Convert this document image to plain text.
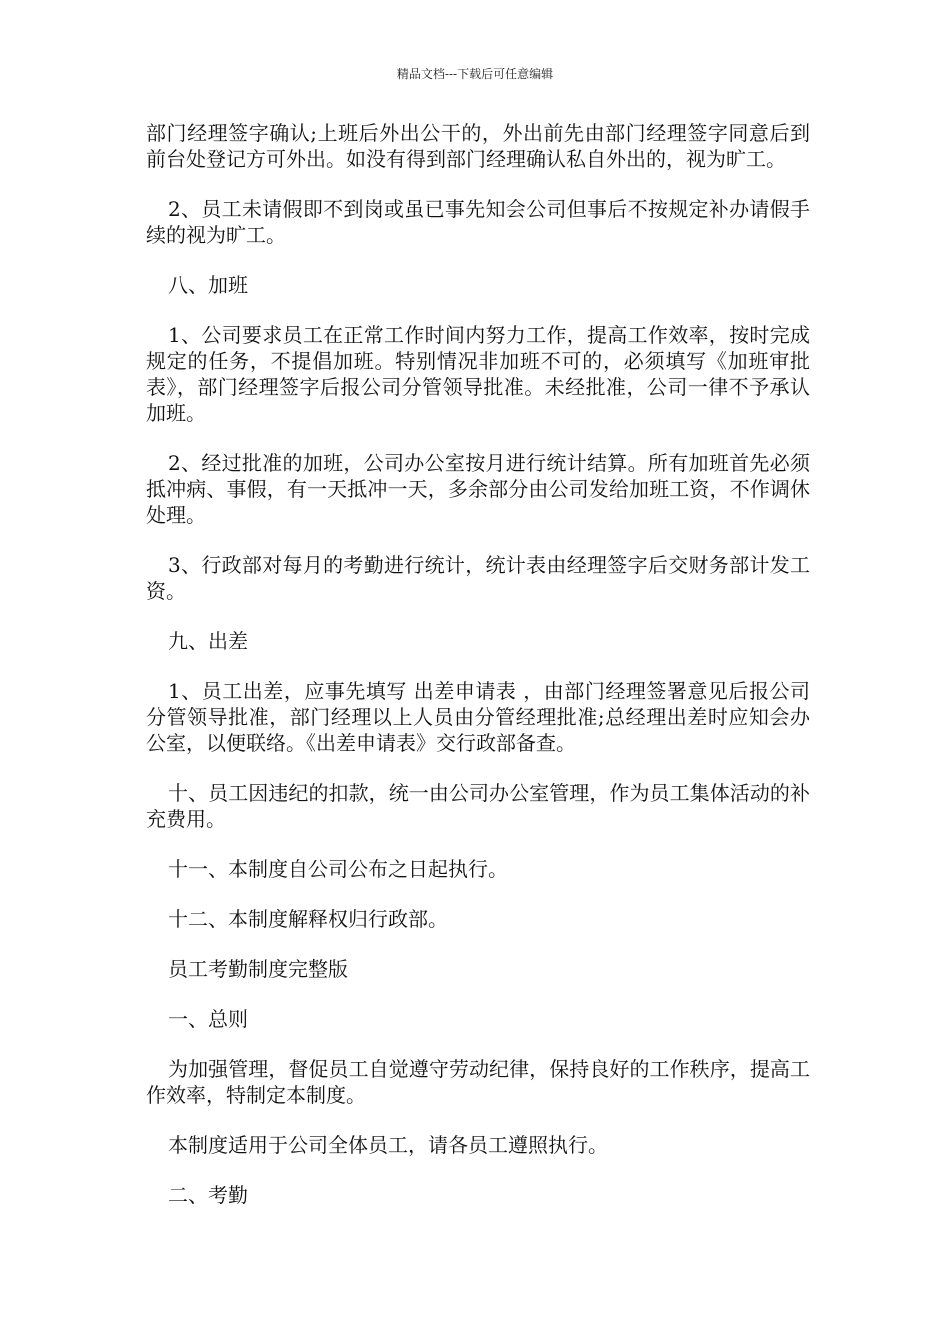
精品文档---下载后可任意编辑

部门经理签字确认;上班后外出公干的，外出前先由部门经理签字同意后到前台处登记方可外出。如没有得到部门经理确认私自外出的，视为旷工。

2、员工未请假即不到岗或虽已事先知会公司但事后不按规定补办请假手续的视为旷工。

八、加班

1、公司要求员工在正常工作时间内努力工作，提高工作效率，按时完成规定的任务，不提倡加班。特别情况非加班不可的，必须填写《加班审批表》，部门经理签字后报公司分管领导批准。未经批准，公司一律不予承认加班。

2、经过批准的加班，公司办公室按月进行统计结算。所有加班首先必须抵冲病、事假，有一天抵冲一天，多余部分由公司发给加班工资，不作调休处理。

3、行政部对每月的考勤进行统计，统计表由经理签字后交财务部计发工资。

九、出差

1、员工出差，应事先填写 出差申请表 ，由部门经理签署意见后报公司分管领导批准，部门经理以上人员由分管经理批准;总经理出差时应知会办公室，以便联络。《出差申请表》交行政部备查。

十、员工因违纪的扣款，统一由公司办公室管理，作为员工集体活动的补充费用。

十一、本制度自公司公布之日起执行。

十二、本制度解释权归行政部。

员工考勤制度完整版

一、总则

为加强管理，督促员工自觉遵守劳动纪律，保持良好的工作秩序，提高工作效率，特制定本制度。

本制度适用于公司全体员工，请各员工遵照执行。

二、考勤
